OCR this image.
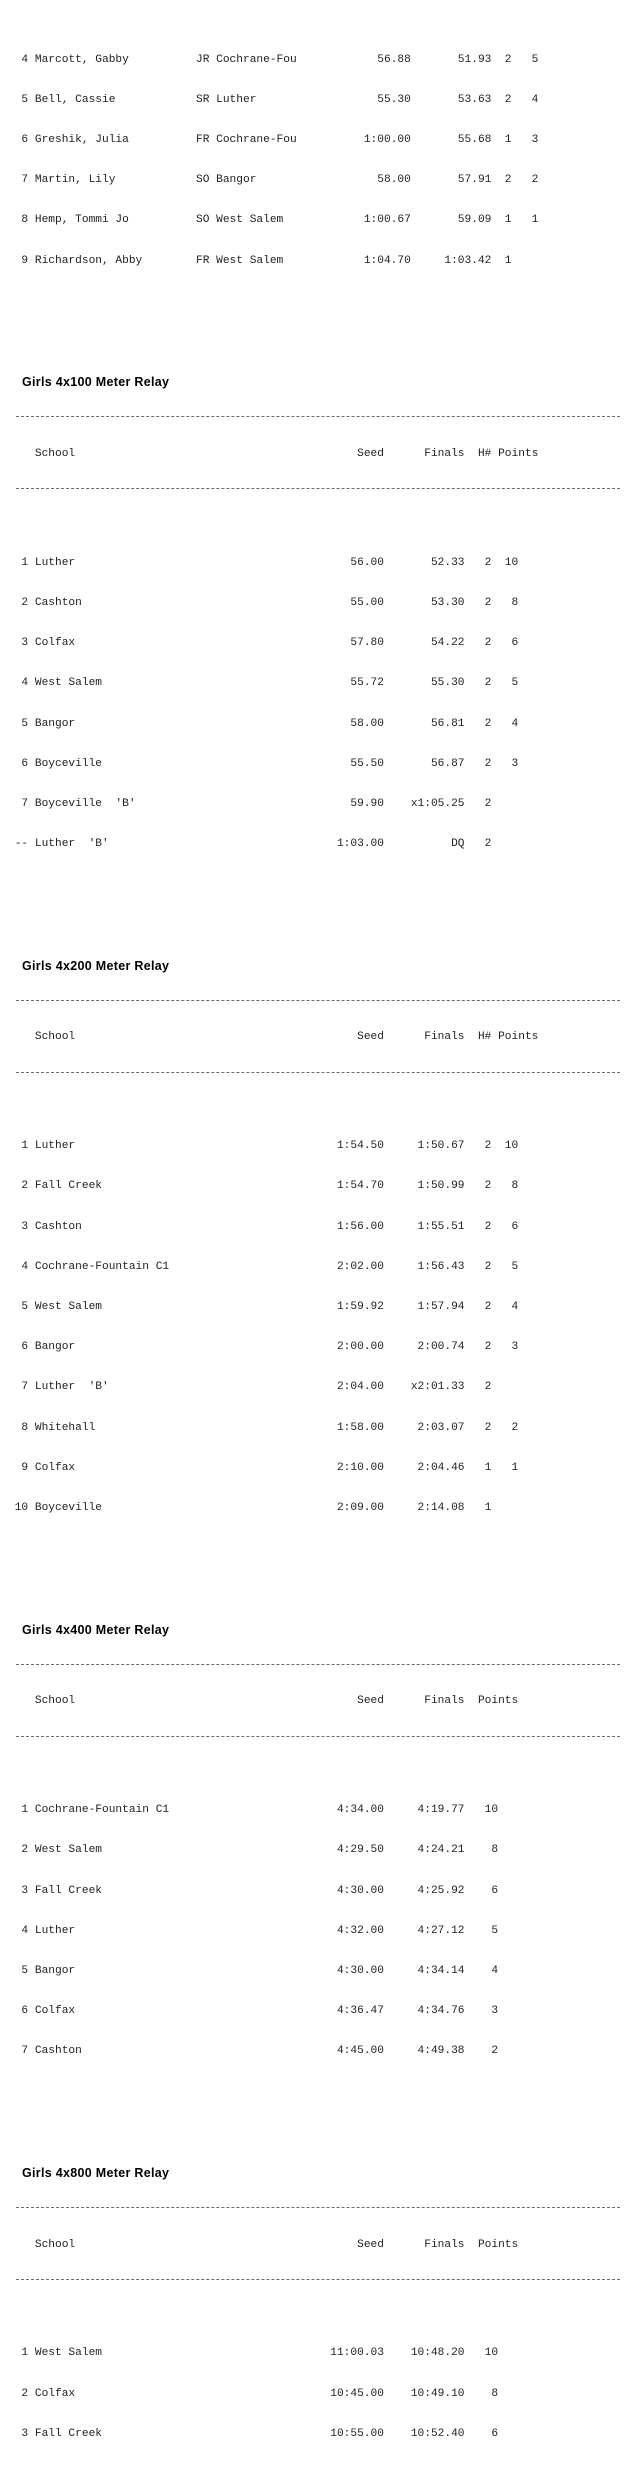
4 Marcott, Gabby          JR Cochrane-Fou            56.88       51.93  2   5

5 Bell, Cassie            SR Luther                  55.30       53.63  2   4

6 Greshik, Julia          FR Cochrane-Fou          1:00.00       55.68  1   3

7 Martin, Lily            SO Bangor                  58.00       57.91  2   2

8 Hemp, Tommi Jo          SO West Salem            1:00.67       59.09  1   1

9 Richardson, Abby        FR West Salem            1:04.70     1:03.42  1

Girls 4x100 Meter Relay

School                                          Seed      Finals  H# Points

1 Luther                                         56.00       52.33   2  10

2 Cashton                                        55.00       53.30   2   8

3 Colfax                                         57.80       54.22   2   6

4 West Salem                                     55.72       55.30   2   5

5 Bangor                                         58.00       56.81   2   4

6 Boyceville                                     55.50       56.87   2   3

7 Boyceville  'B'                                59.90    x1:05.25   2

-- Luther  'B'                                  1:03.00          DQ   2

Girls 4x200 Meter Relay

School                                          Seed      Finals  H# Points

1 Luther                                       1:54.50     1:50.67   2  10

2 Fall Creek                                   1:54.70     1:50.99   2   8

3 Cashton                                      1:56.00     1:55.51   2   6

4 Cochrane-Fountain C1                         2:02.00     1:56.43   2   5

5 West Salem                                   1:59.92     1:57.94   2   4

6 Bangor                                       2:00.00     2:00.74   2   3

7 Luther  'B'                                  2:04.00    x2:01.33   2

8 Whitehall                                    1:58.00     2:03.07   2   2

9 Colfax                                       2:10.00     2:04.46   1   1

10 Boyceville                                   2:09.00     2:14.08   1

Girls 4x400 Meter Relay

School                                          Seed      Finals  Points

1 Cochrane-Fountain C1                         4:34.00     4:19.77   10

2 West Salem                                   4:29.50     4:24.21    8

3 Fall Creek                                   4:30.00     4:25.92    6

4 Luther                                       4:32.00     4:27.12    5

5 Bangor                                       4:30.00     4:34.14    4

6 Colfax                                       4:36.47     4:34.76    3

7 Cashton                                      4:45.00     4:49.38    2

Girls 4x800 Meter Relay

School                                          Seed      Finals  Points

1 West Salem                                  11:00.03    10:48.20   10

2 Colfax                                      10:45.00    10:49.10    8

3 Fall Creek                                  10:55.00    10:52.40    6
